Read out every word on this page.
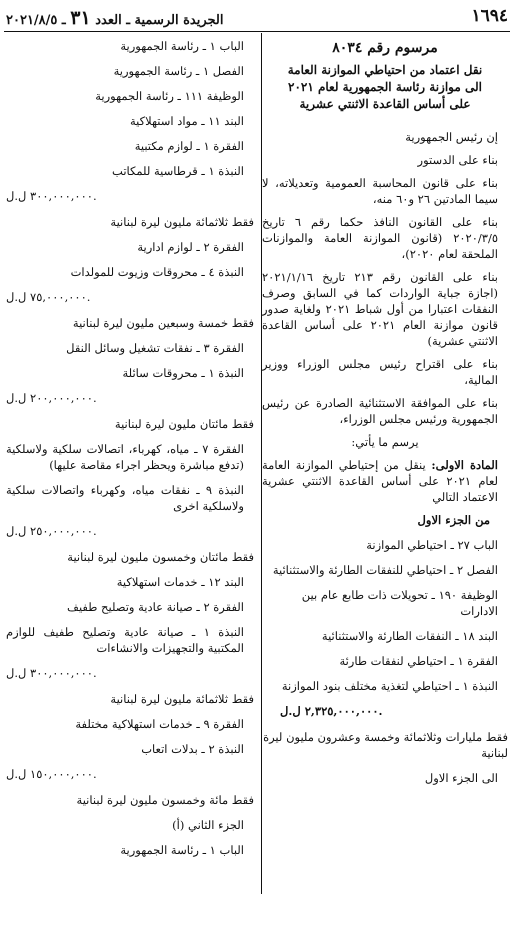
١٦٩٤
الجريدة الرسمية ـ العدد ٣١ ـ ٢٠٢١/٨/٥
مرسوم رقم ٨٠٣٤
نقل اعتماد من احتياطي الموازنة العامة
الى موازنة رئاسة الجمهورية لعام ٢٠٢١
على أساس القاعدة الاثنتي عشرية
إن رئيس الجمهورية
بناء على الدستور
بناء على قانون المحاسبة العمومية وتعديلاته، لا سيما المادتين ٢٦ و٦٠ منه،
بناء على القانون النافذ حكما رقم ٦ تاريخ ٢٠٢٠/٣/٥ (قانون الموازنة العامة والموازنات الملحقة لعام ٢٠٢٠)،
بناء على القانون رقم ٢١٣ تاريخ ٢٠٢١/١/١٦ (اجازة جباية الواردات كما في السابق وصرف النفقات اعتبارا من أول شباط ٢٠٢١ ولغاية صدور قانون موازنة العام ٢٠٢١ على أساس القاعدة الاثنتي عشرية)
بناء على اقتراح رئيس مجلس الوزراء ووزير المالية،
بناء على الموافقة الاستثنائية الصادرة عن رئيس الجمهورية ورئيس مجلس الوزراء،
يرسم ما يأتي:
المادة الاولى: ينقل من إحتياطي الموازنة العامة لعام ٢٠٢١ على أساس القاعدة الاثنتي عشرية الاعتماد التالي
من الجزء الاول
الباب ٢٧ ـ احتياطي الموازنة
الفصل ٢ ـ احتياطي للنفقات الطارئة والاستثنائية
الوظيفة ١٩٠ ـ تحويلات ذات طابع عام بين الادارات
البند ١٨ ـ النفقات الطارئة والاستثنائية
الفقرة ١ ـ احتياطي لنفقات طارئة
النبذة ١ ـ احتياطي لتغذية مختلف بنود الموازنة
٢,٣٢٥,٠٠٠,٠٠٠ ل.ل.
فقط مليارات وثلاثمائة وخمسة وعشرون مليون ليرة لبنانية
الى الجزء الاول
الباب ١ ـ رئاسة الجمهورية
الفصل ١ ـ رئاسة الجمهورية
الوظيفة ١١١ ـ رئاسة الجمهورية
البند ١١ ـ مواد استهلاكية
الفقرة ١ ـ لوازم مكتبية
النبذة ١ ـ قرطاسية للمكاتب
٣٠٠,٠٠٠,٠٠٠ ل.ل.
فقط ثلاثمائة مليون ليرة لبنانية
الفقرة ٢ ـ لوازم ادارية
النبذة ٤ ـ محروقات وزيوت للمولدات
٧٥,٠٠٠,٠٠٠ ل.ل.
فقط خمسة وسبعين مليون ليرة لبنانية
الفقرة ٣ ـ نفقات تشغيل وسائل النقل
النبذة ١ ـ محروقات سائلة
٢٠٠,٠٠٠,٠٠٠ ل.ل.
فقط مائتان مليون ليرة لبنانية
الفقرة ٧ ـ مياه، كهرباء، اتصالات سلكية ولاسلكية (تدفع مباشرة ويحظر اجراء مقاصة عليها)
النبذة ٩ ـ نفقات مياه، وكهرباء واتصالات سلكية ولاسلكية اخرى
٢٥٠,٠٠٠,٠٠٠ ل.ل.
فقط مائتان وخمسون مليون ليرة لبنانية
البند ١٢ ـ خدمات استهلاكية
الفقرة ٢ ـ صيانة عادية وتصليح طفيف
النبذة ١ ـ صيانة عادية وتصليح طفيف للوازم المكتبية والتجهيزات والانشاءات
٣٠٠,٠٠٠,٠٠٠ ل.ل.
فقط ثلاثمائة مليون ليرة لبنانية
الفقرة ٩ ـ خدمات استهلاكية مختلفة
النبذة ٢ ـ بدلات اتعاب
١٥٠,٠٠٠,٠٠٠ ل.ل.
فقط مائة وخمسون مليون ليرة لبنانية
الجزء الثاني (أ)
الباب ١ ـ رئاسة الجمهورية
